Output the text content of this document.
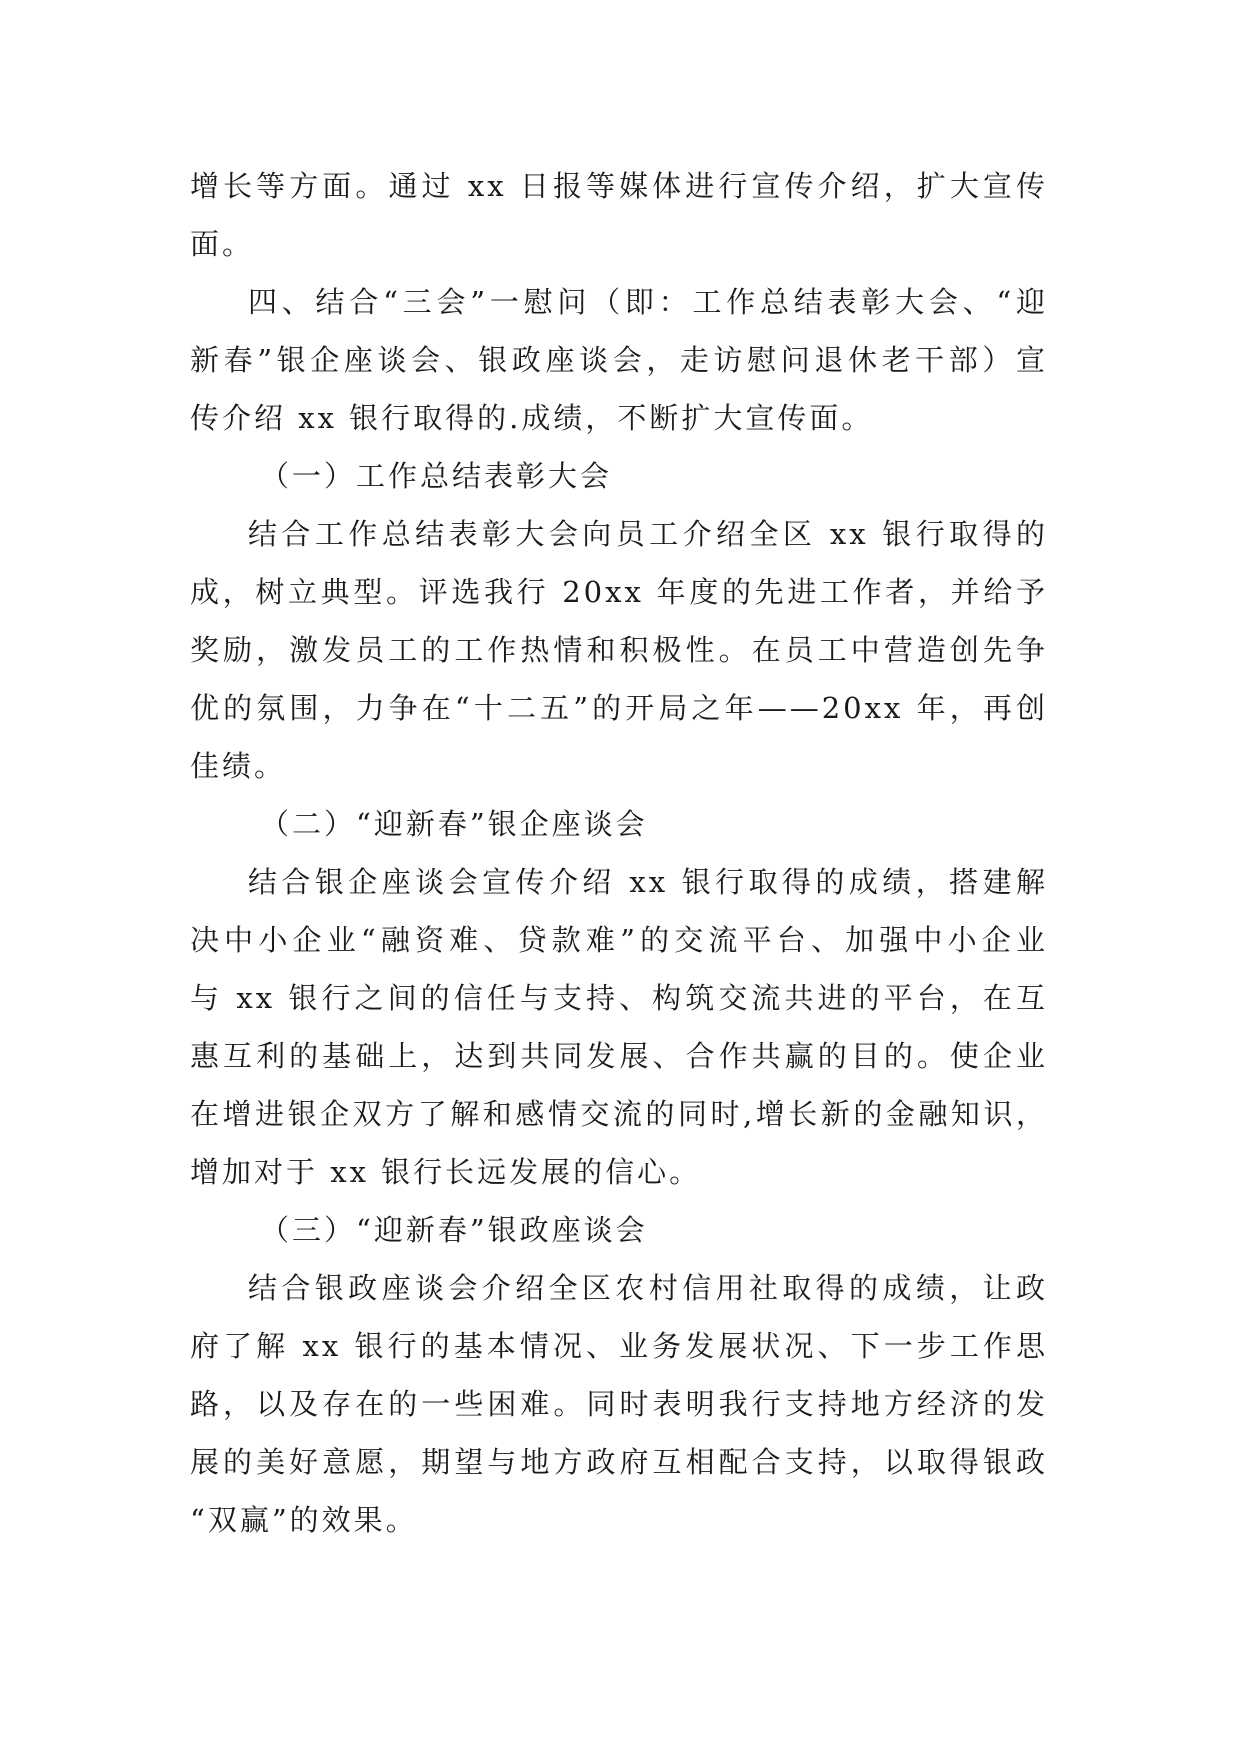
增长等方面。通过 xx 日报等媒体进行宣传介绍，扩大宣传
面。
四、结合“三会”一慰问（即：工作总结表彰大会、“迎
新春”银企座谈会、银政座谈会，走访慰问退休老干部）宣
传介绍 xx 银行取得的.成绩，不断扩大宣传面。
（一）工作总结表彰大会
结合工作总结表彰大会向员工介绍全区 xx 银行取得的
成，树立典型。评选我行 20xx 年度的先进工作者，并给予
奖励，激发员工的工作热情和积极性。在员工中营造创先争
优的氛围，力争在“十二五”的开局之年——20xx 年，再创
佳绩。
（二）“迎新春”银企座谈会
结合银企座谈会宣传介绍 xx 银行取得的成绩，搭建解
决中小企业“融资难、贷款难”的交流平台、加强中小企业
与 xx 银行之间的信任与支持、构筑交流共进的平台，在互
惠互利的基础上，达到共同发展、合作共赢的目的。使企业
在增进银企双方了解和感情交流的同时,增长新的金融知识，
增加对于 xx 银行长远发展的信心。
（三）“迎新春”银政座谈会
结合银政座谈会介绍全区农村信用社取得的成绩，让政
府了解 xx 银行的基本情况、业务发展状况、下一步工作思
路，以及存在的一些困难。同时表明我行支持地方经济的发
展的美好意愿，期望与地方政府互相配合支持，以取得银政
“双赢”的效果。
